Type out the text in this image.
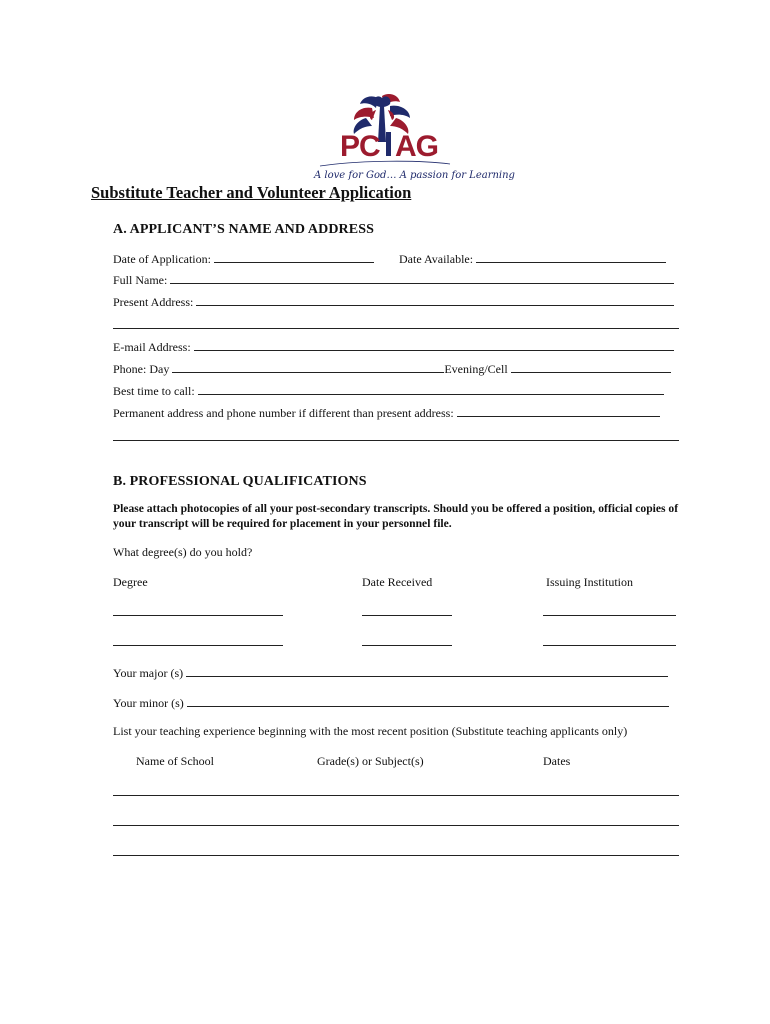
PC AG
A love for God… A passion for Learning
Substitute Teacher and Volunteer Application
A. APPLICANT’S NAME AND ADDRESS
Date of Application:	Date Available:
Full Name:
Present Address:
E-mail Address:
Phone: Day	Evening/Cell
Best time to call:
Permanent address and phone number if different than present address:
B. PROFESSIONAL QUALIFICATIONS
Please attach photocopies of all your post-secondary transcripts. Should you be offered a position, official copies of your transcript will be required for placement in your personnel file.
What degree(s) do you hold?
Degree	Date Received	Issuing Institution
Your major (s)
Your minor (s)
List your teaching experience beginning with the most recent position (Substitute teaching applicants only)
Name of School	Grade(s) or Subject(s)	Dates
